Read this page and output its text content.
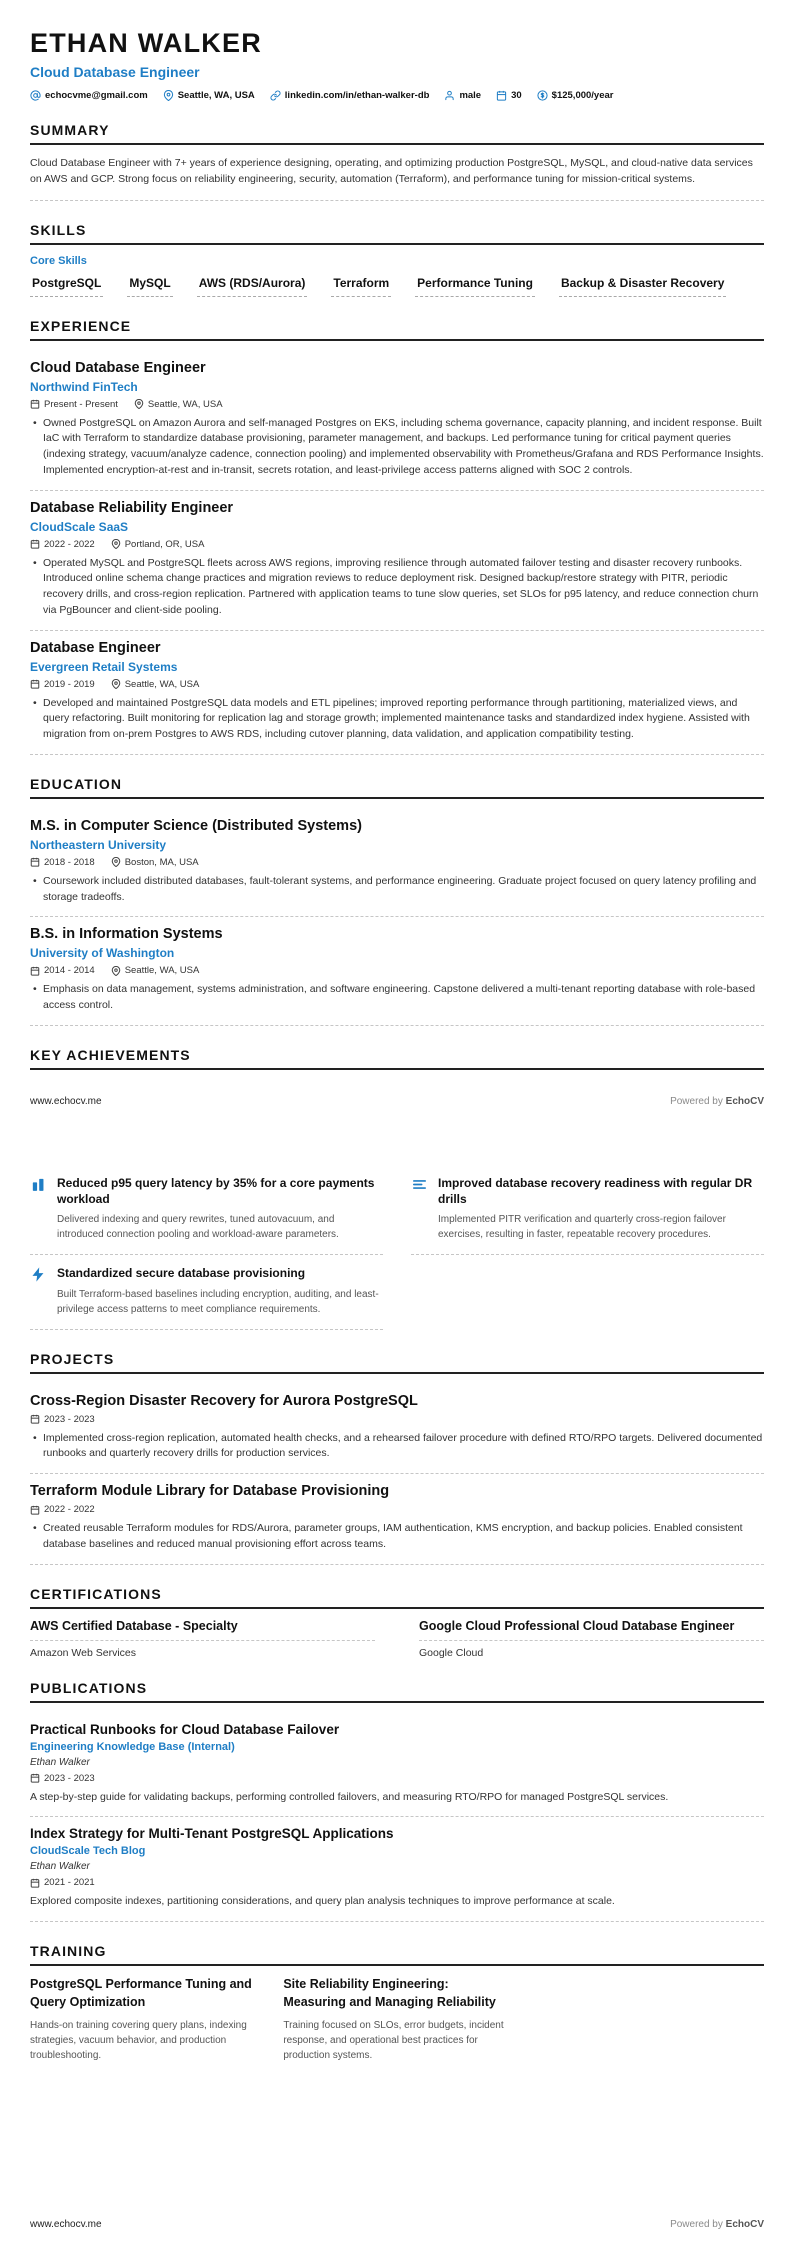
ETHAN WALKER
Cloud Database Engineer
echocvme@gmail.com	Seattle, WA, USA	linkedin.com/in/ethan-walker-db	male	30	$125,000/year
SUMMARY

Cloud Database Engineer with 7+ years of experience designing, operating, and optimizing production PostgreSQL, MySQL, and cloud-native data services on AWS and GCP. Strong focus on reliability engineering, security, automation (Terraform), and performance tuning for mission-critical systems.

SKILLS
Core Skills
PostgreSQL MySQL AWS (RDS/Aurora) Terraform Performance Tuning Backup & Disaster Recovery
EXPERIENCE
Cloud Database Engineer
Northwind FinTech
Present - Present	Seattle, WA, USA
• Owned PostgreSQL on Amazon Aurora and self-managed Postgres on EKS, including schema governance, capacity planning, and incident response. Built IaC with Terraform to standardize database provisioning, parameter management, and backups. Led performance tuning for critical payment queries (indexing strategy, vacuum/analyze cadence, connection pooling) and implemented observability with Prometheus/Grafana and RDS Performance Insights. Implemented encryption-at-rest and in-transit, secrets rotation, and least-privilege access patterns aligned with SOC 2 controls.
Database Reliability Engineer
CloudScale SaaS
2022 - 2022	Portland, OR, USA
• Operated MySQL and PostgreSQL fleets across AWS regions, improving resilience through automated failover testing and disaster recovery runbooks. Introduced online schema change practices and migration reviews to reduce deployment risk. Designed backup/restore strategy with PITR, periodic recovery drills, and cross-region replication. Partnered with application teams to tune slow queries, set SLOs for p95 latency, and reduce connection churn via PgBouncer and client-side pooling.
Database Engineer
Evergreen Retail Systems
2019 - 2019	Seattle, WA, USA
• Developed and maintained PostgreSQL data models and ETL pipelines; improved reporting performance through partitioning, materialized views, and query refactoring. Built monitoring for replication lag and storage growth; implemented maintenance tasks and standardized index hygiene. Assisted with migration from on-prem Postgres to AWS RDS, including cutover planning, data validation, and application compatibility testing.
EDUCATION
M.S. in Computer Science (Distributed Systems)
Northeastern University
2018 - 2018	Boston, MA, USA
• Coursework included distributed databases, fault-tolerant systems, and performance engineering. Graduate project focused on query latency profiling and storage tradeoffs.
B.S. in Information Systems
University of Washington
2014 - 2014	Seattle, WA, USA
• Emphasis on data management, systems administration, and software engineering. Capstone delivered a multi-tenant reporting database with role-based access control.
KEY ACHIEVEMENTS
www.echocv.me	Powered by EchoCV
Reduced p95 query latency by 35% for a core payments workload
Delivered indexing and query rewrites, tuned autovacuum, and introduced connection pooling and workload-aware parameters.
Improved database recovery readiness with regular DR drills
Implemented PITR verification and quarterly cross-region failover exercises, resulting in faster, repeatable recovery procedures.
Standardized secure database provisioning
Built Terraform-based baselines including encryption, auditing, and least-privilege access patterns to meet compliance requirements.
PROJECTS
Cross-Region Disaster Recovery for Aurora PostgreSQL
2023 - 2023
• Implemented cross-region replication, automated health checks, and a rehearsed failover procedure with defined RTO/RPO targets. Delivered documented runbooks and quarterly recovery drills for production services.
Terraform Module Library for Database Provisioning
2022 - 2022
• Created reusable Terraform modules for RDS/Aurora, parameter groups, IAM authentication, KMS encryption, and backup policies. Enabled consistent database baselines and reduced manual provisioning effort across teams.
CERTIFICATIONS
AWS Certified Database - Specialty
Amazon Web Services
Google Cloud Professional Cloud Database Engineer
Google Cloud
PUBLICATIONS
Practical Runbooks for Cloud Database Failover
Engineering Knowledge Base (Internal)
Ethan Walker
2023 - 2023
A step-by-step guide for validating backups, performing controlled failovers, and measuring RTO/RPO for managed PostgreSQL services.
Index Strategy for Multi-Tenant PostgreSQL Applications
CloudScale Tech Blog
Ethan Walker
2021 - 2021
Explored composite indexes, partitioning considerations, and query plan analysis techniques to improve performance at scale.
TRAINING
PostgreSQL Performance Tuning and Query Optimization
Hands-on training covering query plans, indexing strategies, vacuum behavior, and production troubleshooting.
Site Reliability Engineering: Measuring and Managing Reliability
Training focused on SLOs, error budgets, incident response, and operational best practices for production systems.
www.echocv.me	Powered by EchoCV
